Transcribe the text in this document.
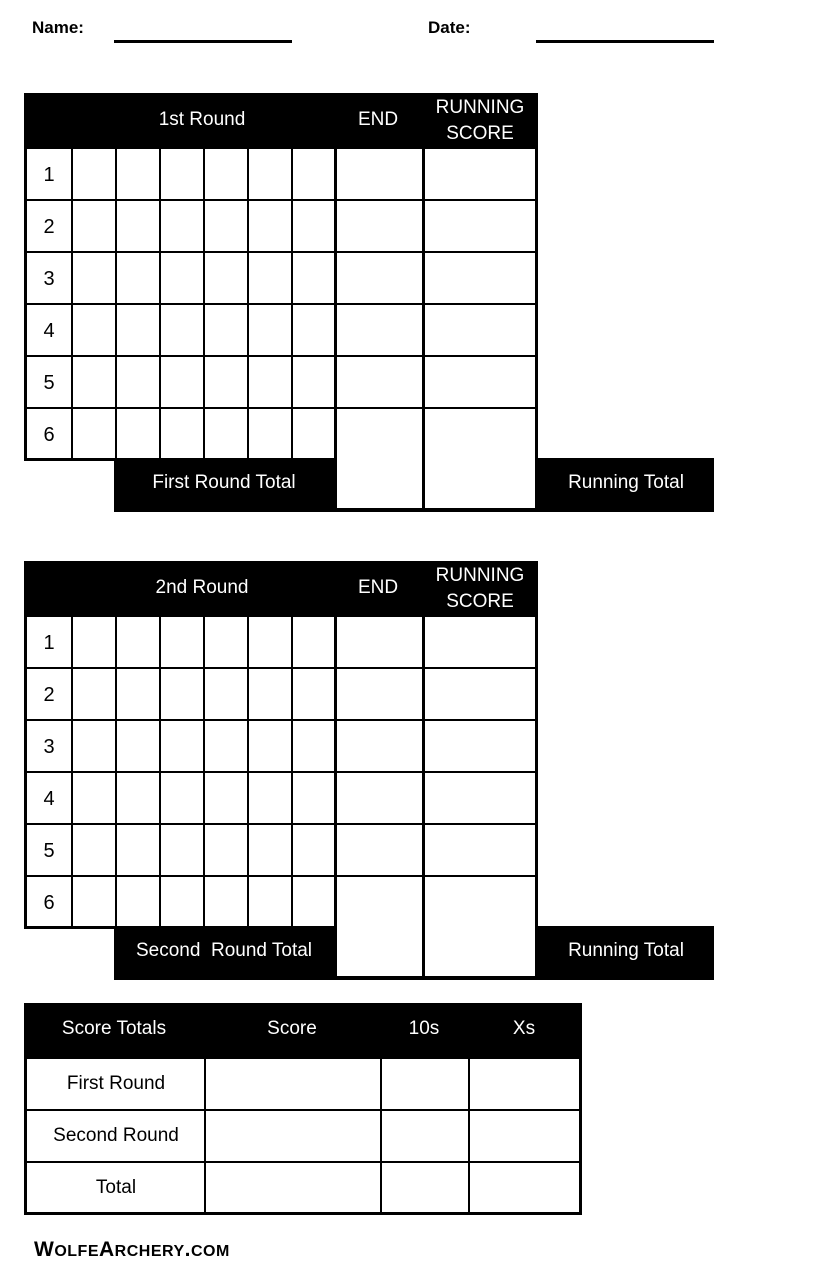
Name:	Date:
1st Round	END
RUNNING
SCORE
1
2
3
4
5
6
First Round Total	Running Total
2nd Round	END
RUNNING
SCORE
1
2
3
4
5
6
Second  Round Total	Running Total
Score Totals	Score	10s	Xs
First Round
Second Round
Total
WOLFEARCHERY.COM
